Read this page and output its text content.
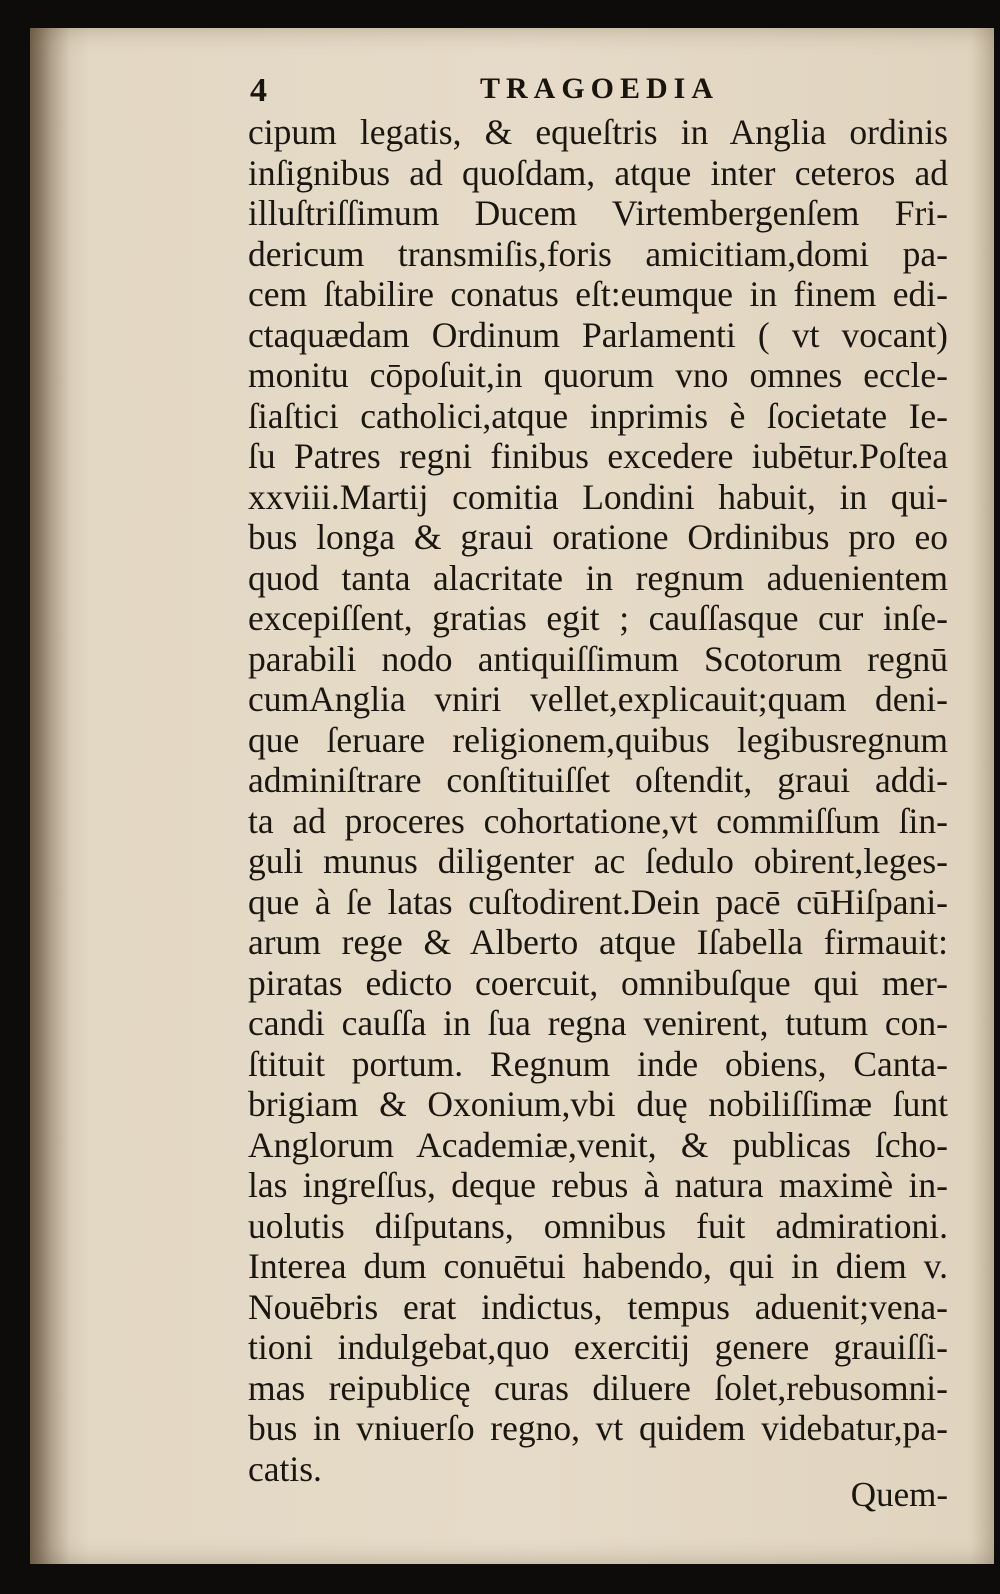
4	TRAGOEDIA
cipum legatis, & equeſtris in Anglia ordinis
inſignibus ad quoſdam, atque inter ceteros ad
illuſtriſſimum Ducem Virtembergenſem Fri-
dericum transmiſis,foris amicitiam,domi pa-
cem ſtabilire conatus eſt:eumque in finem edi-
ctaquædam Ordinum Parlamenti ( vt vocant)
monitu cōpoſuit,in quorum vno omnes eccle-
ſiaſtici catholici,atque inprimis è ſocietate Ie-
ſu Patres regni finibus excedere iubētur.Poſtea
xxviii.Martij comitia Londini habuit, in qui-
bus longa & graui oratione Ordinibus pro eo
quod tanta alacritate in regnum aduenientem
excepiſſent, gratias egit ; cauſſasque cur inſe-
parabili nodo antiquiſſimum Scotorum regnū
cumAnglia vniri vellet,explicauit;quam deni-
que ſeruare religionem,quibus legibusregnum
adminiſtrare conſtituiſſet oſtendit, graui addi-
ta ad proceres cohortatione,vt commiſſum ſin-
guli munus diligenter ac ſedulo obirent,leges-
que à ſe latas cuſtodirent.Dein pacē cūHiſpani-
arum rege & Alberto atque Iſabella firmauit:
piratas edicto coercuit, omnibuſque qui mer-
candi cauſſa in ſua regna venirent, tutum con-
ſtituit portum. Regnum inde obiens, Canta-
brigiam & Oxonium,vbi duę nobiliſſimæ ſunt
Anglorum Academiæ,venit, & publicas ſcho-
las ingreſſus, deque rebus à natura maximè in-
uolutis diſputans, omnibus fuit admirationi.
Interea dum conuētui habendo, qui in diem v.
Nouēbris erat indictus, tempus aduenit;vena-
tioni indulgebat,quo exercitij genere grauiſſi-
mas reipublicę curas diluere ſolet,rebusomni-
bus in vniuerſo regno, vt quidem videbatur,pa-
catis.
Quem-
